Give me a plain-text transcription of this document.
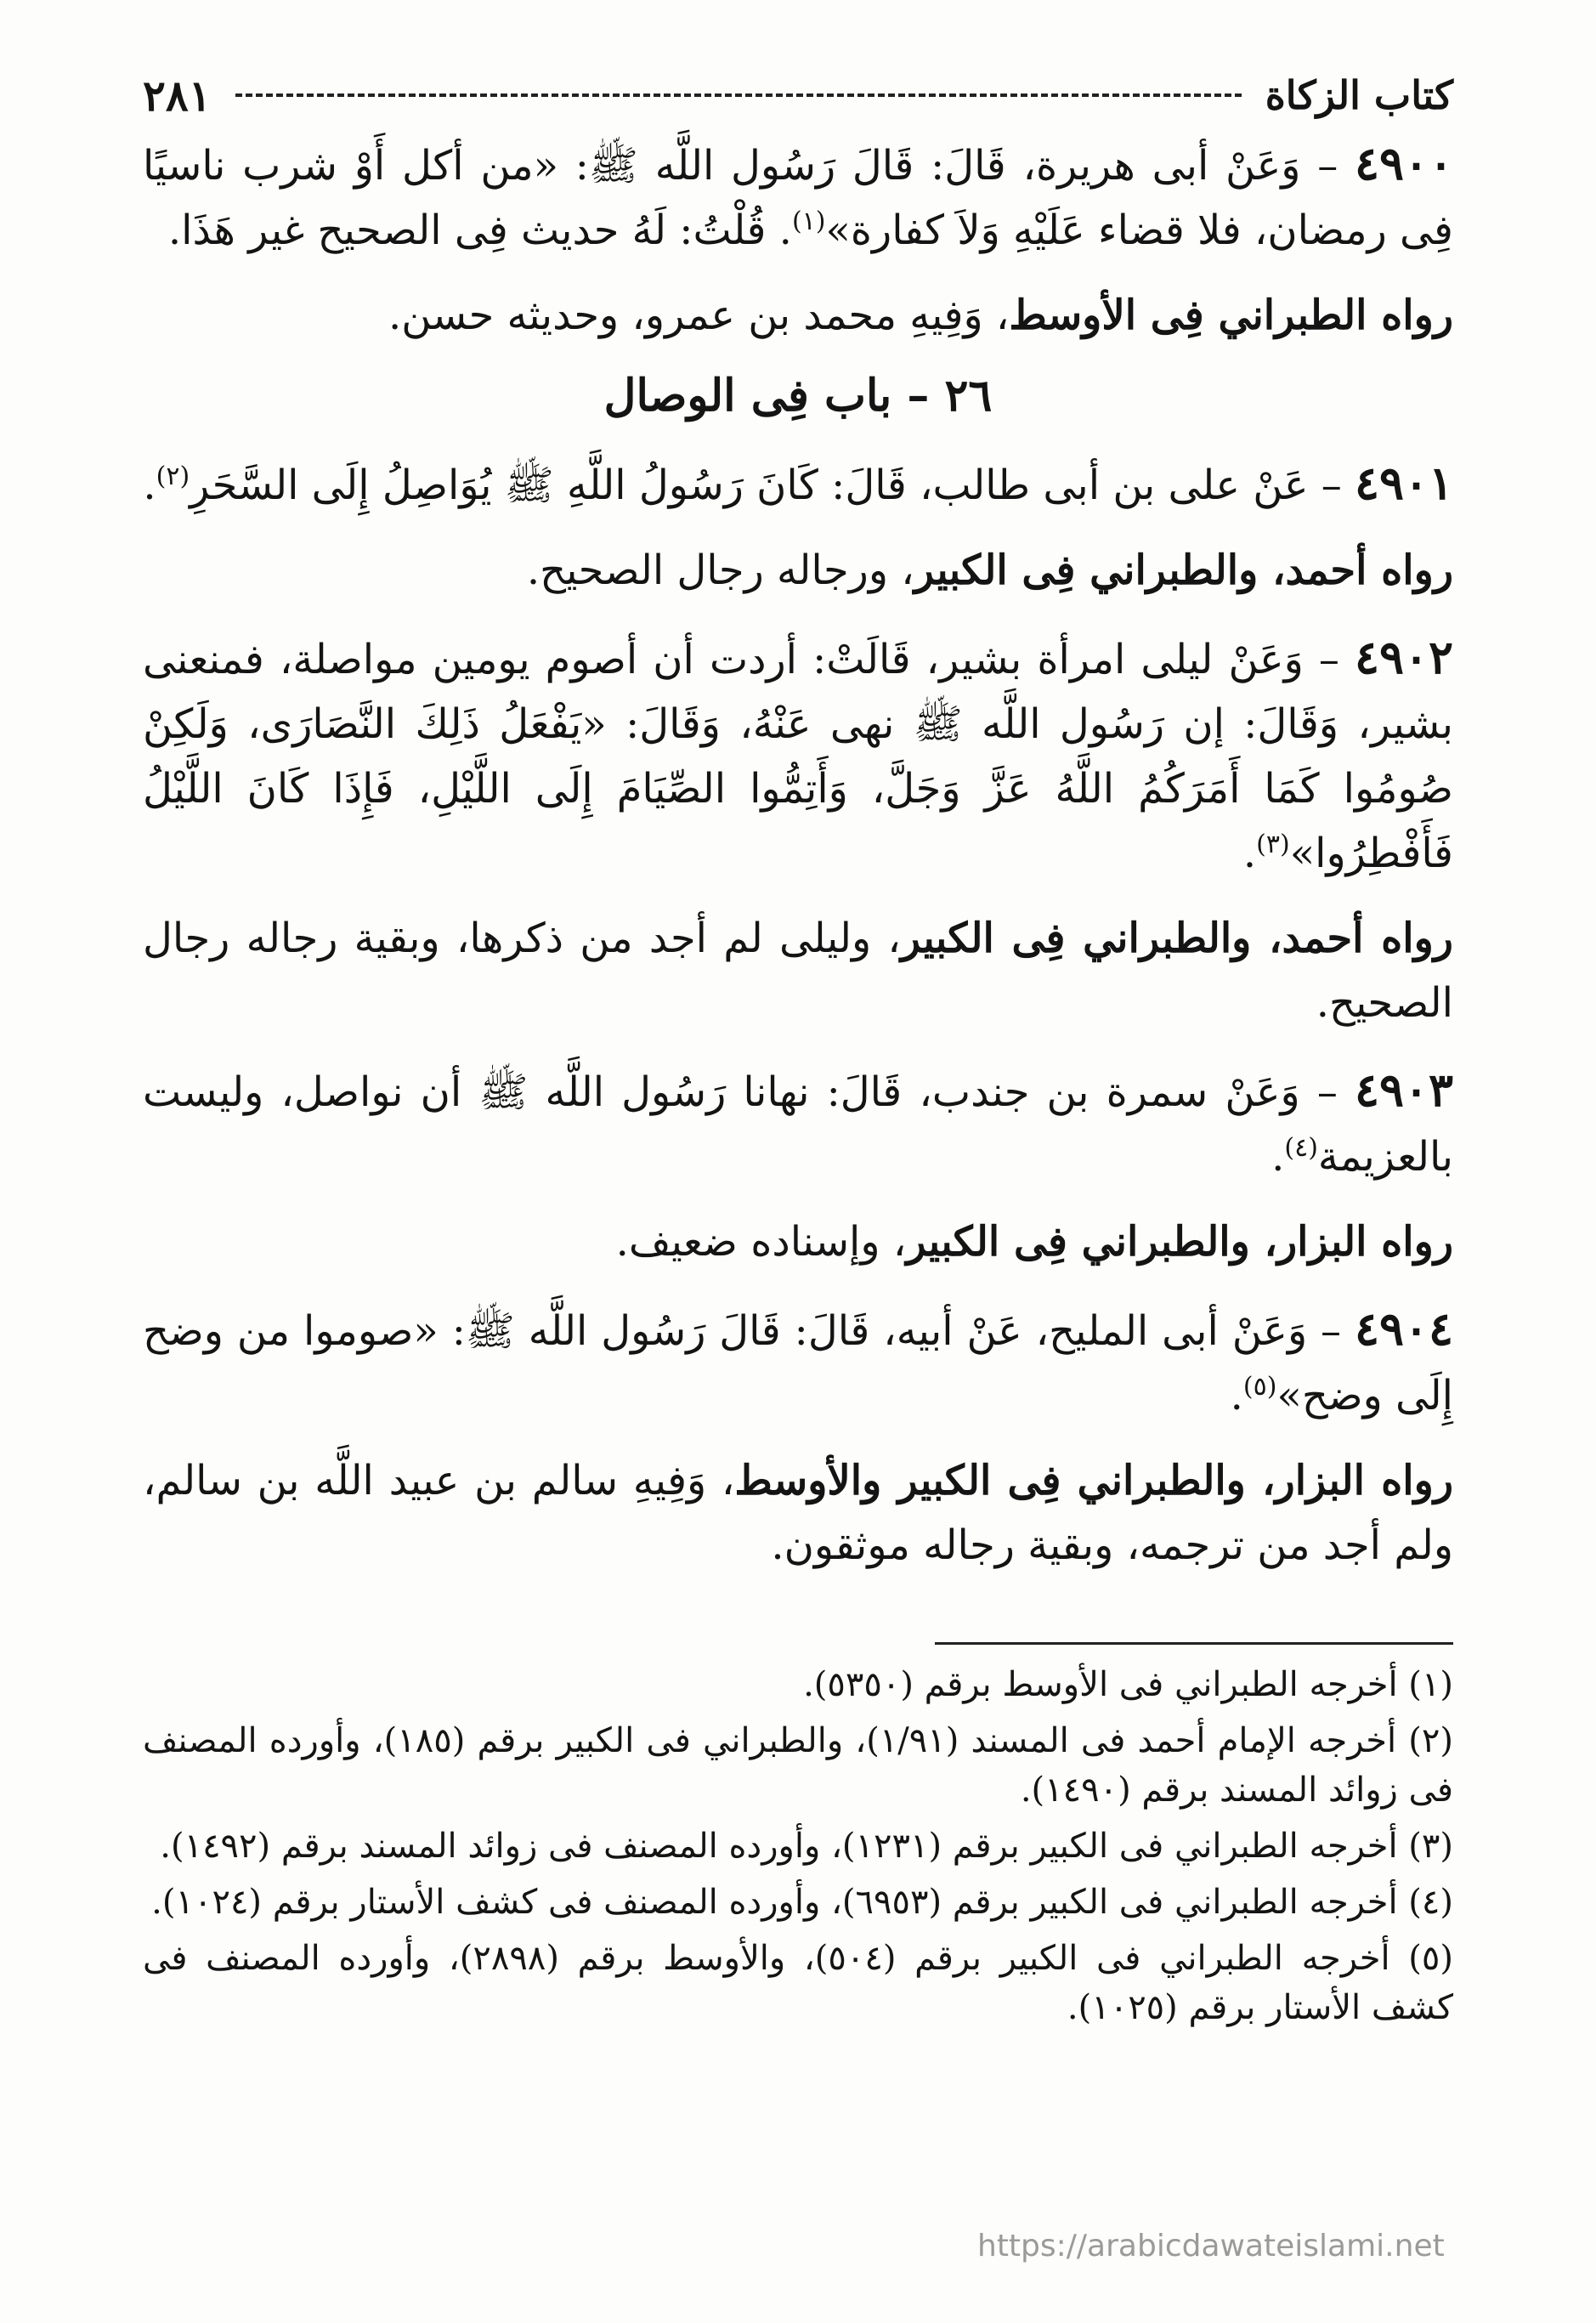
كتاب الزكاة
٢٨١

٤٩٠٠ – وَعَنْ أبى هريرة، قَالَ: قَالَ رَسُول اللَّه ﷺ: «من أكل أَوْ شرب ناسيًا فِى رمضان، فلا قضاء عَلَيْهِ وَلاَ كفارة»$^{(١)}$. قُلْتُ: لَهُ حديث فِى الصحيح غير هَذَا.

رواه الطبراني فِى الأوسط، وَفِيهِ محمد بن عمرو، وحديثه حسن.

٢٦ – باب فِى الوصال

٤٩٠١ – عَنْ على بن أبى طالب، قَالَ: كَانَ رَسُولُ اللَّهِ ﷺ يُوَاصِلُ إِلَى السَّحَرِ$^{(٢)}$.

رواه أحمد، والطبراني فِى الكبير، ورجاله رجال الصحيح.

٤٩٠٢ – وَعَنْ ليلى امرأة بشير، قَالَتْ: أردت أن أصوم يومين مواصلة، فمنعنى بشير، وَقَالَ: إن رَسُول اللَّه ﷺ نهى عَنْهُ، وَقَالَ: «يَفْعَلُ ذَلِكَ النَّصَارَى، وَلَكِنْ صُومُوا كَمَا أَمَرَكُمُ اللَّهُ عَزَّ وَجَلَّ، وَأَتِمُّوا الصِّيَامَ إِلَى اللَّيْلِ، فَإِذَا كَانَ اللَّيْلُ فَأَفْطِرُوا»$^{(٣)}$.

رواه أحمد، والطبراني فِى الكبير، وليلى لم أجد من ذكرها، وبقية رجاله رجال الصحيح.

٤٩٠٣ – وَعَنْ سمرة بن جندب، قَالَ: نهانا رَسُول اللَّه ﷺ أن نواصل، وليست بالعزيمة$^{(٤)}$.

رواه البزار، والطبراني فِى الكبير، وإسناده ضعيف.

٤٩٠٤ – وَعَنْ أبى المليح، عَنْ أبيه، قَالَ: قَالَ رَسُول اللَّه ﷺ: «صوموا من وضح إِلَى وضح»$^{(٥)}$.

رواه البزار، والطبراني فِى الكبير والأوسط، وَفِيهِ سالم بن عبيد اللَّه بن سالم، ولم أجد من ترجمه، وبقية رجاله موثقون.

(١) أخرجه الطبراني فى الأوسط برقم (٥٣٥٠).

(٢) أخرجه الإمام أحمد فى المسند (١/٩١)، والطبراني فى الكبير برقم (١٨٥)، وأورده المصنف فى زوائد المسند برقم (١٤٩٠).

(٣) أخرجه الطبراني فى الكبير برقم (١٢٣١)، وأورده المصنف فى زوائد المسند برقم (١٤٩٢).

(٤) أخرجه الطبراني فى الكبير برقم (٦٩٥٣)، وأورده المصنف فى كشف الأستار برقم (١٠٢٤).

(٥) أخرجه الطبراني فى الكبير برقم (٥٠٤)، والأوسط برقم (٢٨٩٨)، وأورده المصنف فى كشف الأستار برقم (١٠٢٥).

https://arabicdawateislami.net
